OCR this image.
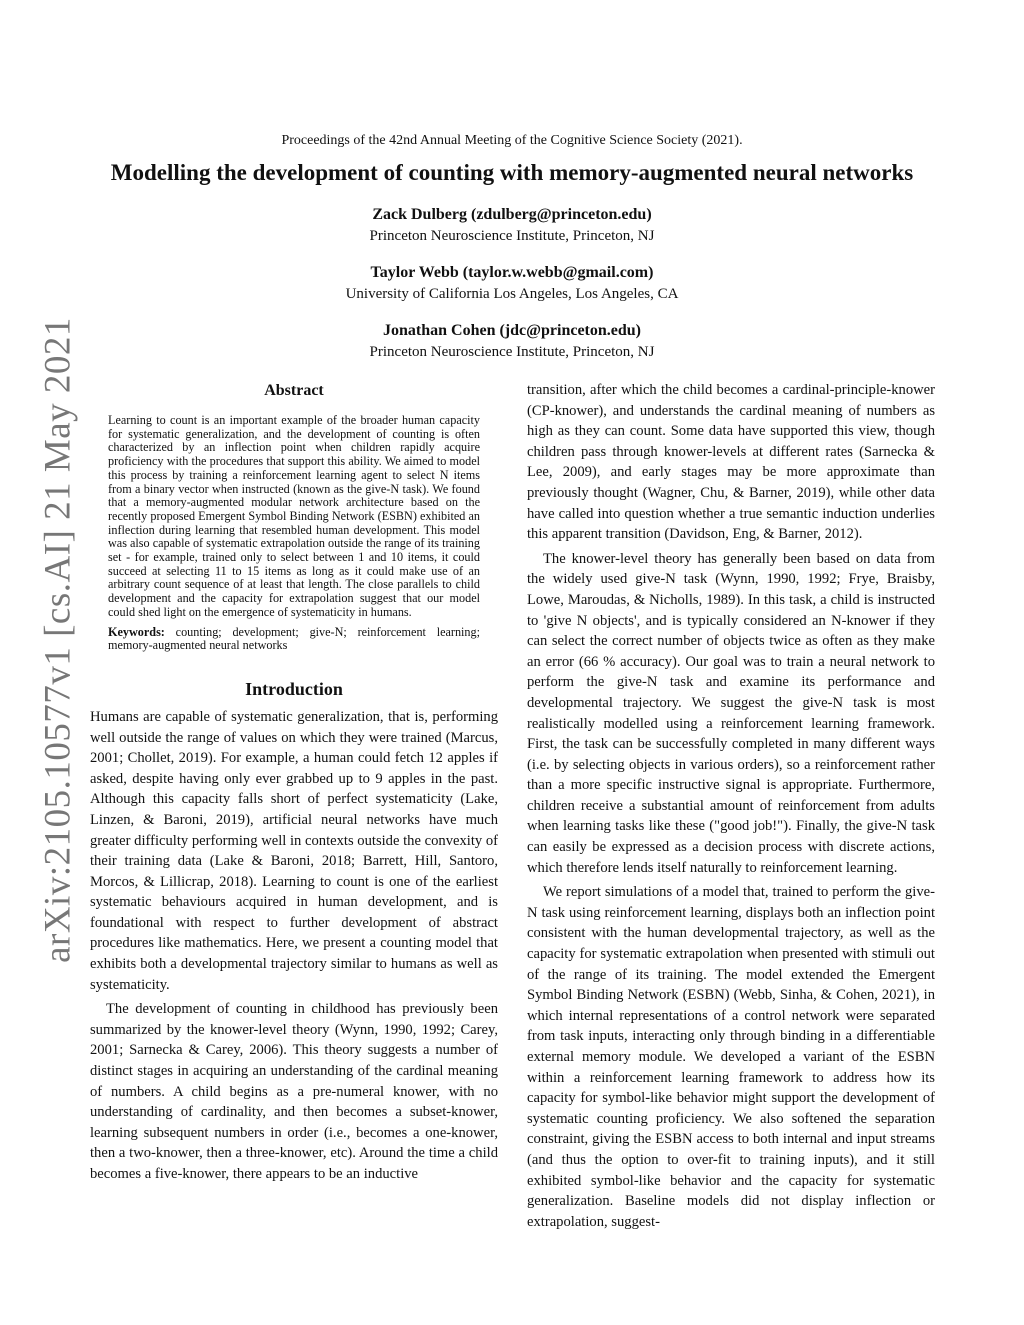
Proceedings of the 42nd Annual Meeting of the Cognitive Science Society (2021).
Modelling the development of counting with memory-augmented neural networks
Zack Dulberg (zdulberg@princeton.edu)
Princeton Neuroscience Institute, Princeton, NJ
Taylor Webb (taylor.w.webb@gmail.com)
University of California Los Angeles, Los Angeles, CA
Jonathan Cohen (jdc@princeton.edu)
Princeton Neuroscience Institute, Princeton, NJ
arXiv:2105.10577v1 [cs.AI] 21 May 2021	Abstract

Learning to count is an important example of the broader human capacity for systematic generalization, and the development of counting is often characterized by an inflection point when children rapidly acquire proficiency with the procedures that support this ability. We aimed to model this process by training a reinforcement learning agent to select N items from a binary vector when instructed (known as the give-N task). We found that a memory-augmented modular network architecture based on the recently proposed Emergent Symbol Binding Network (ESBN) exhibited an inflection during learning that resembled human development. This model was also capable of systematic extrapolation outside the range of its training set - for example, trained only to select between 1 and 10 items, it could succeed at selecting 11 to 15 items as long as it could make use of an arbitrary count sequence of at least that length. The close parallels to child development and the capacity for extrapolation suggest that our model could shed light on the emergence of systematicity in humans.

Keywords: counting; development; give-N; reinforcement learning; memory-augmented neural networks

Introduction

Humans are capable of systematic generalization, that is, performing well outside the range of values on which they were trained (Marcus, 2001; Chollet, 2019). For example, a human could fetch 12 apples if asked, despite having only ever grabbed up to 9 apples in the past. Although this capacity falls short of perfect systematicity (Lake, Linzen, & Baroni, 2019), artificial neural networks have much greater difficulty performing well in contexts outside the convexity of their training data (Lake & Baroni, 2018; Barrett, Hill, Santoro, Morcos, & Lillicrap, 2018). Learning to count is one of the earliest systematic behaviours acquired in human development, and is foundational with respect to further development of abstract procedures like mathematics. Here, we present a counting model that exhibits both a developmental trajectory similar to humans as well as systematicity.

The development of counting in childhood has previously been summarized by the knower-level theory (Wynn, 1990, 1992; Carey, 2001; Sarnecka & Carey, 2006). This theory suggests a number of distinct stages in acquiring an understanding of the cardinal meaning of numbers. A child begins as a pre-numeral knower, with no understanding of cardinality, and then becomes a subset-knower, learning subsequent numbers in order (i.e., becomes a one-knower, then a two-knower, then a three-knower, etc). Around the time a child becomes a five-knower, there appears to be an inductive

transition, after which the child becomes a cardinal-principle-knower (CP-knower), and understands the cardinal meaning of numbers as high as they can count. Some data have supported this view, though children pass through knower-levels at different rates (Sarnecka & Lee, 2009), and early stages may be more approximate than previously thought (Wagner, Chu, & Barner, 2019), while other data have called into question whether a true semantic induction underlies this apparent transition (Davidson, Eng, & Barner, 2012).

The knower-level theory has generally been based on data from the widely used give-N task (Wynn, 1990, 1992; Frye, Braisby, Lowe, Maroudas, & Nicholls, 1989). In this task, a child is instructed to 'give N objects', and is typically considered an N-knower if they can select the correct number of objects twice as often as they make an error (66 % accuracy). Our goal was to train a neural network to perform the give-N task and examine its performance and developmental trajectory. We suggest the give-N task is most realistically modelled using a reinforcement learning framework. First, the task can be successfully completed in many different ways (i.e. by selecting objects in various orders), so a reinforcement rather than a more specific instructive signal is appropriate. Furthermore, children receive a substantial amount of reinforcement from adults when learning tasks like these ("good job!"). Finally, the give-N task can easily be expressed as a decision process with discrete actions, which therefore lends itself naturally to reinforcement learning.

We report simulations of a model that, trained to perform the give-N task using reinforcement learning, displays both an inflection point consistent with the human developmental trajectory, as well as the capacity for systematic extrapolation when presented with stimuli out of the range of its training. The model extended the Emergent Symbol Binding Network (ESBN) (Webb, Sinha, & Cohen, 2021), in which internal representations of a control network were separated from task inputs, interacting only through binding in a differentiable external memory module. We developed a variant of the ESBN within a reinforcement learning framework to address how its capacity for symbol-like behavior might support the development of systematic counting proficiency. We also softened the separation constraint, giving the ESBN access to both internal and input streams (and thus the option to over-fit to training inputs), and it still exhibited symbol-like behavior and the capacity for systematic generalization. Baseline models did not display inflection or extrapolation, suggest-
